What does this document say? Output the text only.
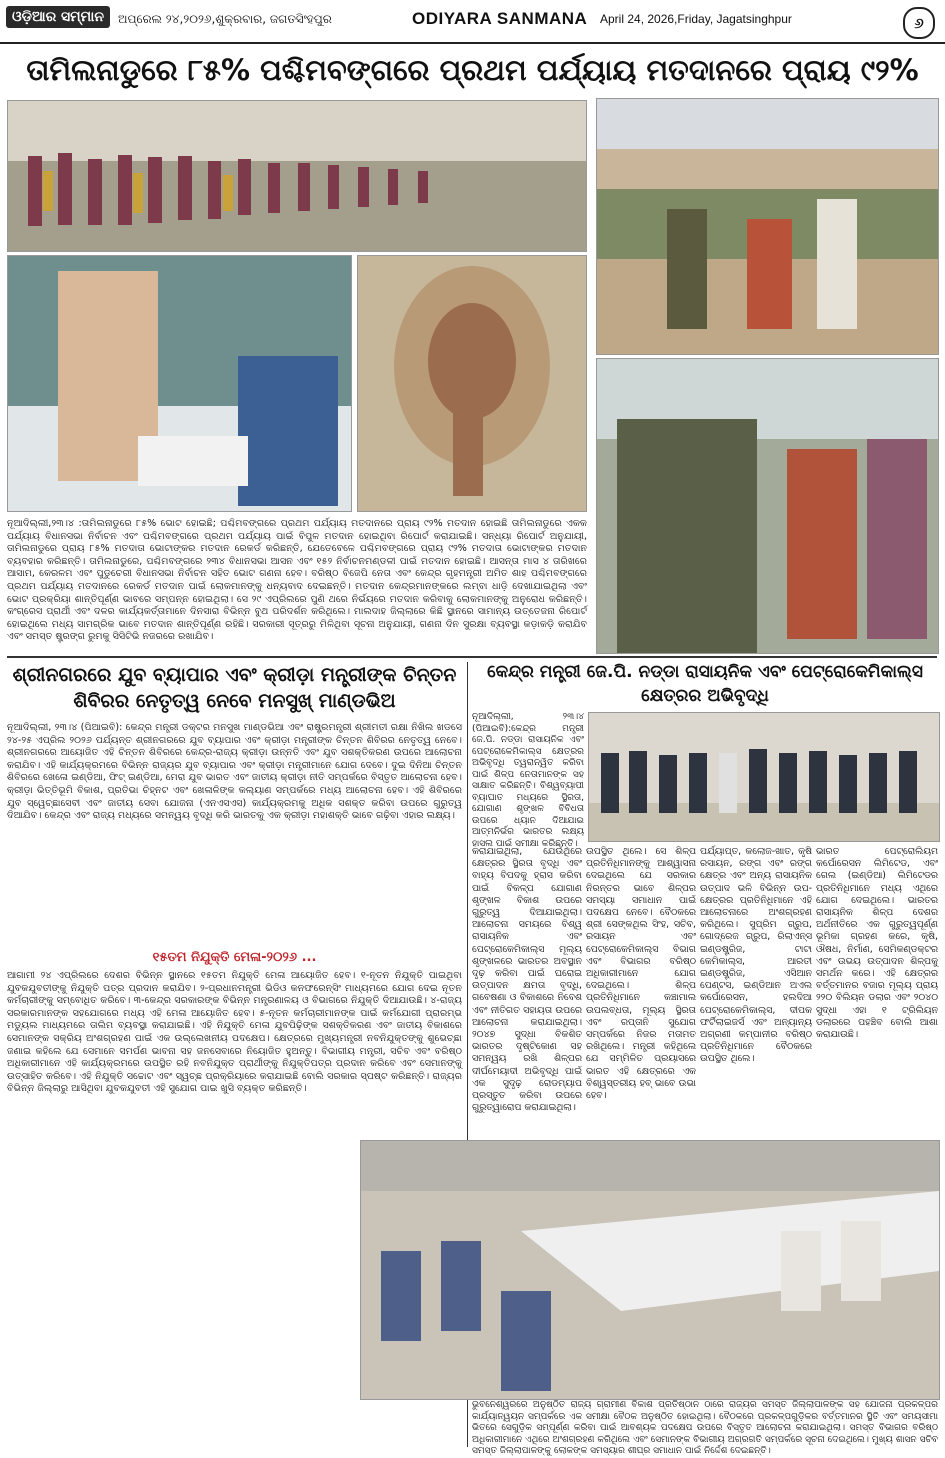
ଓଡ଼ିଆର ସମ୍ମାନ	ଅପ୍ରେଲ ୨୪,୨୦୨୬,ଶୁକ୍ରବାର, ଜଗତସିଂହପୁର	ODIYARA SANMANA April 24, 2026,Friday, Jagatsinghpur	୬
ତାମିଲନାଡୁରେ ୮୫% ପଶ୍ଚିମବଙ୍ଗରେ ପ୍ରଥମ ପର୍ଯ୍ୟାୟ ମତଦାନରେ ପ୍ରାୟ ୯୨%
ନୂଆଦିଲ୍ଲୀ,୨୩।୪ :ତାମିଲନାଡୁରେ ୮୫% ଭୋଟ ହୋଇଛି; ପଶ୍ଚିମବଙ୍ଗରେ ପ୍ରଥମ ପର୍ଯ୍ୟାୟ ମତଦାନରେ ପ୍ରାୟ ୯୨% ମତଦାନ ହୋଇଛି ତାମିଲନାଡୁରେ ଏକକ ପର୍ଯ୍ୟାୟ ବିଧାନସଭା ନିର୍ବାଚନ ଏବଂ ପଶ୍ଚିମବଙ୍ଗରେ ପ୍ରଥମ ପର୍ଯ୍ୟାୟ ପାଇଁ ବିପୁଳ ମତଦାନ ହୋଇଥିବା ରିପୋର୍ଟ କରାଯାଇଛି। ସନ୍ଧ୍ୟା ରିପୋର୍ଟ ଅନୁଯାୟୀ, ତାମିଲନାଡୁରେ ପ୍ରାୟ ୮୫% ମତଦାତା ଭୋଟାଙ୍କର ମତଦାନ ରେକର୍ଡ କରିଛନ୍ତି, ଯେତେବେଳେ ପଶ୍ଚିମବଙ୍ଗରେ ପ୍ରାୟ ୯୨% ମତଦାତା ଭୋଟାଙ୍କର ମତଦାନ ବ୍ୟବହାର କରିଛନ୍ତି। ତାମିଲନାଡୁରେ, ପଶ୍ଚିମବଙ୍ଗରେ ୨୩୪ ବିଧାନସଭା ଆସନ ଏବଂ ୧୫୨ ନିର୍ବାଚନମଣ୍ଡଳୀ ପାଇଁ ମତଦାନ ହୋଇଛି। ଆସନ୍ତା ମାସ ୪ ତାରିଖରେ ଆସାମ, କେରଳମ ଏବଂ ପୁଡୁଚେରୀ ବିଧାନସଭା ନିର୍ବାଚନ ସହିତ ଭୋଟ ଗଣନା ହେବ। ବରିଷ୍ଠ ବିଜେପି ନେତା ଏବଂ କେନ୍ଦ୍ର ଗୃହମନ୍ତ୍ରୀ ଅମିତ ଶାହ ପଶ୍ଚିମବଙ୍ଗରେ ପ୍ରଥମ ପର୍ଯ୍ୟାୟ ମତଦାନରେ ରେକର୍ଡ ମତଦାନ ପାଇଁ ଲୋକମାନଙ୍କୁ ଧନ୍ୟବାଦ ଦେଇଛନ୍ତି। ମତଦାନ କେନ୍ଦ୍ରମାନଙ୍କରେ ଲମ୍ବା ଧାଡ଼ି ଦେଖାଯାଇଥିଲା ଏବଂ ଭୋଟ ପ୍ରକ୍ରିୟା ଶାନ୍ତିପୂର୍ଣ୍ଣ ଭାବରେ ସମ୍ପନ୍ନ ହୋଇଥିଲା। ସେ ୨୯ ଏପ୍ରିଲରେ ପୁଣି ଥରେ ନିର୍ଭୟରେ ମତଦାନ କରିବାକୁ ଲୋକମାନଙ୍କୁ ଅନୁରୋଧ କରିଛନ୍ତି। କଂଗ୍ରେସ ପ୍ରାର୍ଥୀ ଏବଂ ଦଳର କାର୍ଯ୍ୟକର୍ତ୍ତାମାନେ ଦିନସାରା ବିଭିନ୍ନ ବୁଥ ପରିଦର୍ଶନ କରିଥିଲେ। ମାଲଦାହ ଜିଲ୍ଲାରେ କିଛି ସ୍ଥାନରେ ସାମାନ୍ୟ ଉତ୍ତେଜନା ରିପୋର୍ଟ ହୋଇଥିଲେ ମଧ୍ୟ ସାମଗ୍ରିକ ଭାବେ ମତଦାନ ଶାନ୍ତିପୂର୍ଣ୍ଣ ରହିଛି। ସରକାରୀ ସୂତ୍ରରୁ ମିଳିଥିବା ସୂଚନା ଅନୁଯାୟୀ, ଗଣନା ଦିନ ସୁରକ୍ଷା ବ୍ୟବସ୍ଥା କଡ଼ାକଡ଼ି କରାଯିବ ଏବଂ ସମସ୍ତ ଷ୍ଟ୍ରଙ୍ଗ ରୁମକୁ ସିସିଟିଭି ନଜରରେ ରଖାଯିବ।
ଶ୍ରୀନଗରରେ ଯୁବ ବ୍ୟାପାର ଏବଂ କ୍ରୀଡ଼ା ମନ୍ତ୍ରୀଙ୍କ ଚିନ୍ତନ ଶିବିରର ନେତୃତ୍ୱ ନେବେ ମନସୁଖ୍ ମାଣ୍ଡଭିଅ
ନୂଆଦିଲ୍ଲୀ, ୨୩।୪ (ପିଆଇବି): କେନ୍ଦ୍ର ମନ୍ତ୍ରୀ ଡକ୍ଟର ମନସୁଖ ମାଣ୍ଡଭିଆ ଏବଂ ରାଷ୍ଟ୍ରମନ୍ତ୍ରୀ ଶ୍ରୀମତୀ ରକ୍ଷା ନିଖିଲ ଖଡସେ ୨୪-୨୫ ଏପ୍ରିଲ ୨୦୨୬ ପର୍ଯ୍ୟନ୍ତ ଶ୍ରୀନଗରରେ ଯୁବ ବ୍ୟାପାର ଏବଂ କ୍ରୀଡ଼ା ମନ୍ତ୍ରୀଙ୍କ ଚିନ୍ତନ ଶିବିରର ନେତୃତ୍ୱ ନେବେ। ଶ୍ରୀନଗରରେ ଆୟୋଜିତ ଏହି ଚିନ୍ତନ ଶିବିରରେ କେନ୍ଦ୍ର-ରାଜ୍ୟ କ୍ରୀଡ଼ା ଉନ୍ନତି ଏବଂ ଯୁବ ସଶକ୍ତିକରଣ ଉପରେ ଆଲୋଚନା କରାଯିବ। ଏହି କାର୍ଯ୍ୟକ୍ରମରେ ବିଭିନ୍ନ ରାଜ୍ୟର ଯୁବ ବ୍ୟାପାର ଏବଂ କ୍ରୀଡ଼ା ମନ୍ତ୍ରୀମାନେ ଯୋଗ ଦେବେ। ଦୁଇ ଦିନିଆ ଚିନ୍ତନ ଶିବିରରେ ଖେଳୋ ଇଣ୍ଡିଆ, ଫିଟ୍ ଇଣ୍ଡିଆ, ମେରା ଯୁବ ଭାରତ ଏବଂ ଜାତୀୟ କ୍ରୀଡ଼ା ନୀତି ସମ୍ପର୍କରେ ବିସ୍ତୃତ ଆଲୋଚନା ହେବ। କ୍ରୀଡ଼ା ଭିତ୍ତିଭୂମି ବିକାଶ, ପ୍ରତିଭା ଚିହ୍ନଟ ଏବଂ ଖେଳାଳିଙ୍କ କଲ୍ୟାଣ ସମ୍ପର୍କରେ ମଧ୍ୟ ଆଲୋଚନା ହେବ। ଏହି ଶିବିରରେ ଯୁବ ସ୍ୱେଚ୍ଛାସେବୀ ଏବଂ ଜାତୀୟ ସେବା ଯୋଜନା (ଏନଏସଏସ) କାର୍ଯ୍ୟକ୍ରମକୁ ଅଧିକ ସଶକ୍ତ କରିବା ଉପରେ ଗୁରୁତ୍ୱ ଦିଆଯିବ। କେନ୍ଦ୍ର ଏବଂ ରାଜ୍ୟ ମଧ୍ୟରେ ସମନ୍ୱୟ ବୃଦ୍ଧି କରି ଭାରତକୁ ଏକ କ୍ରୀଡ଼ା ମହାଶକ୍ତି ଭାବେ ଗଢ଼ିବା ଏହାର ଲକ୍ଷ୍ୟ।
୧୫ତମ ନିଯୁକ୍ତି ମେଳା-୨୦୨୬ ...
ଆଗାମୀ ୨୪ ଏପ୍ରିଲରେ ଦେଶର ବିଭିନ୍ନ ସ୍ଥାନରେ ୧୫ତମ ନିଯୁକ୍ତି ମେଳା ଆୟୋଜିତ ହେବ। ୧-ନୂତନ ନିଯୁକ୍ତି ପାଇଥିବା ଯୁବକଯୁବତୀଙ୍କୁ ନିଯୁକ୍ତି ପତ୍ର ପ୍ରଦାନ କରାଯିବ। ୨-ପ୍ରଧାନମନ୍ତ୍ରୀ ଭିଡିଓ କନଫରେନ୍ସିଂ ମାଧ୍ୟମରେ ଯୋଗ ଦେଇ ନୂତନ କର୍ମଚାରୀଙ୍କୁ ସମ୍ବୋଧିତ କରିବେ। ୩-କେନ୍ଦ୍ର ସରକାରଙ୍କ ବିଭିନ୍ନ ମନ୍ତ୍ରଣାଳୟ ଓ ବିଭାଗରେ ନିଯୁକ୍ତି ଦିଆଯାଉଛି। ୪-ରାଜ୍ୟ ସରକାରମାନଙ୍କ ସହଯୋଗରେ ମଧ୍ୟ ଏହି ମେଳା ଆୟୋଜିତ ହେବ। ୫-ନୂତନ କର୍ମଚାରୀମାନଙ୍କ ପାଇଁ କର୍ମଯୋଗୀ ପ୍ରାରମ୍ଭ ମଡ୍ୟୁଲ ମାଧ୍ୟମରେ ତାଲିମ ବ୍ୟବସ୍ଥା କରାଯାଇଛି। ଏହି ନିଯୁକ୍ତି ମେଳା ଯୁବପିଢ଼ିଙ୍କ ସଶକ୍ତିକରଣ ଏବଂ ଜାତୀୟ ବିକାଶରେ ସେମାନଙ୍କ ସକ୍ରିୟ ଅଂଶଗ୍ରହଣ ପାଇଁ ଏକ ଉଲ୍ଲେଖନୀୟ ପଦକ୍ଷେପ। କ୍ଷେତ୍ରରେ ମୁଖ୍ୟମନ୍ତ୍ରୀ ନବନିଯୁକ୍ତଙ୍କୁ ଶୁଭେଚ୍ଛା ଜଣାଇ କହିଲେ ଯେ ସେମାନେ ସମର୍ପଣ ଭାବନା ସହ ଜନସେବାରେ ନିୟୋଜିତ ହୁଅନ୍ତୁ। ବିଭାଗୀୟ ମନ୍ତ୍ରୀ, ସଚିବ ଏବଂ ବରିଷ୍ଠ ଅଧିକାରୀମାନେ ଏହି କାର୍ଯ୍ୟକ୍ରମରେ ଉପସ୍ଥିତ ରହି ନବନିଯୁକ୍ତ ପ୍ରାର୍ଥୀଙ୍କୁ ନିଯୁକ୍ତିପତ୍ର ପ୍ରଦାନ କରିବେ ଏବଂ ସେମାନଙ୍କୁ ଉତ୍ସାହିତ କରିବେ। ଏହି ନିଯୁକ୍ତି ସଚ୍ଚୋଟ ଏବଂ ସ୍ୱଚ୍ଛ ପ୍ରକ୍ରିୟାରେ କରାଯାଇଛି ବୋଲି ସରକାର ସ୍ପଷ୍ଟ କରିଛନ୍ତି। ରାଜ୍ୟର ବିଭିନ୍ନ ଜିଲ୍ଲାରୁ ଆସିଥିବା ଯୁବକଯୁବତୀ ଏହି ସୁଯୋଗ ପାଇ ଖୁସି ବ୍ୟକ୍ତ କରିଛନ୍ତି।
କେନ୍ଦ୍ର ମନ୍ତ୍ରୀ ଜେ.ପି. ନଡ୍ଡା ରାସାୟନିକ ଏବଂ ପେଟ୍ରୋକେମିକାଲ୍ସ କ୍ଷେତ୍ରର ଅଭିବୃଦ୍ଧି
ନୂଆଦିଲ୍ଲୀ, ୨୩।୪ (ପିଆଇବି):କେନ୍ଦ୍ର ମନ୍ତ୍ରୀ ଜେ.ପି. ନଡ୍ଡା ରାସାୟନିକ ଏବଂ ପେଟ୍ରୋକେମିକାଲ୍ସ କ୍ଷେତ୍ରର ଅଭିବୃଦ୍ଧି ତ୍ୱରାନ୍ୱିତ କରିବା ପାଇଁ ଶିଳ୍ପ ନେତାମାନଙ୍କ ସହ ସାକ୍ଷାତ କରିଛନ୍ତି। ବିଶ୍ୱବ୍ୟାପୀ ବ୍ୟାଘାତ ମଧ୍ୟରେ ସ୍ଥିରତା, ଯୋଗାଣ ଶୃଙ୍ଖଳ ବିବିଧତା ଉପରେ ଧ୍ୟାନ ଦିଆଯାଇ ଆତ୍ମନିର୍ଭର ଭାରତର ଲକ୍ଷ୍ୟ ହାସଲ ପାଇଁ ସମୀକ୍ଷା କରିଛନ୍ତି।
କରାଯାଇଥିଲା, ଯେଉଁଥିରେ କ୍ଷେତ୍ରର ସ୍ଥିରତା ବୃଦ୍ଧି ଏବଂ ବାହ୍ୟ ବିପଦକୁ ହ୍ରାସ କରିବା ପାଇଁ ବିକଳ୍ପ ଯୋଗାଣ ଶୃଙ୍ଖଳ ବିକାଶ ଉପରେ ଗୁରୁତ୍ୱ ଦିଆଯାଇଥିଲା। ଆଲୋଚନା ସମୟରେ ବିଶ୍ୱ ରାସାୟନିକ ଏବଂ ପେଟ୍ରୋକେମିକାଲ୍ସ ମୂଲ୍ୟ ଶୃଙ୍ଖଳରେ ଭାରତର ଅବସ୍ଥାନ ଦୃଢ଼ କରିବା ପାଇଁ ଘରୋଇ ଉତ୍ପାଦନ କ୍ଷମତା ବୃଦ୍ଧି, ଗବେଷଣା ଓ ବିକାଶରେ ନିବେଶ ଏବଂ ନୀତିଗତ ସହାୟତା ଉପରେ ଆଲୋଚନା କରାଯାଇଥିଲା। ୨୦୪୭ ସୁଦ୍ଧା ବିକଶିତ ଭାରତର ଦୃଷ୍ଟିକୋଣ ସହ ସମନ୍ୱୟ ରଖି ଶିଳ୍ପର ଦୀର୍ଘମେୟାଦୀ ଅଭିବୃଦ୍ଧି ପାଇଁ ଏକ ସୁଦୃଢ଼ ରୋଡମ୍ୟାପ ପ୍ରସ୍ତୁତ କରିବା ଉପରେ ଗୁରୁତ୍ୱାରୋପ କରାଯାଇଥିଲା।
ଉପସ୍ଥିତ ଥିଲେ। ସେ ଶିଳ୍ପ ପ୍ରତିନିଧିମାନଙ୍କୁ ଆଶ୍ୱାସନା ଦେଇଥିଲେ ଯେ ସରକାର ନିରନ୍ତର ଭାବେ ଶିଳ୍ପର ସମସ୍ୟା ସମାଧାନ ପାଇଁ ପଦକ୍ଷେପ ନେବେ। ବୈଠକରେ ଶ୍ରୀ ସେଙ୍କଥିଲ ସିଂହ, ସଚିବ, ରସାୟନ ଏବଂ ପେଟ୍ରୋକେମିକାଲ୍ସ ବିଭାଗ ଏବଂ ବିଭାଗର ବରିଷ୍ଠ ଅଧିକାରୀମାନେ ଯୋଗ ଦେଇଥିଲେ। ଶିଳ୍ପ ପ୍ରତିନିଧିମାନେ କଞ୍ଚାମାଲ ଉପଲବ୍ଧତା, ମୂଲ୍ୟ ସ୍ଥିରତା ଏବଂ ରପ୍ତାନି ସୁଯୋଗ ସମ୍ପର୍କରେ ନିଜର ମତାମତ ରଖିଥିଲେ। ମନ୍ତ୍ରୀ କହିଥିଲେ ଯେ ସମ୍ମିଳିତ ପ୍ରୟାସରେ ଭାରତ ଏହି କ୍ଷେତ୍ରରେ ଏକ ବିଶ୍ୱସ୍ତରୀୟ ହବ୍ ଭାବେ ଉଭା ହେବ।
ପର୍ଯ୍ୟାପ୍ତ, କଲୋଜ-ଖାତ, କୃଷି ରସାୟନ, ରଙ୍ଗ ଏବଂ ରଙ୍ଗ କ୍ଷେତ୍ର ଏବଂ ଅନ୍ୟ ରାସାୟନିକ ଉତ୍ପାଦ ଭଳି ବିଭିନ୍ନ ଉପ-କ୍ଷେତ୍ରର ପ୍ରତିନିଧିମାନେ ଏହି ଆଲୋଚନାରେ ଅଂଶଗ୍ରହଣ କରିଥିଲେ। ସୁପ୍ରିମ ଗ୍ରୁପ, ଗୋଦ୍ରେଜ ଗ୍ରୁପ, ରିଲାଏନ୍ସ ଇଣ୍ଡଷ୍ଟ୍ରିଜ, ଟାଟା କେମିକାଲ୍ସ, ଆରତୀ ଇଣ୍ଡଷ୍ଟ୍ରିଜ, ଏସିଆନ ପେଣ୍ଟସ, ଇଣ୍ଡିଆନ ଅଏଲ କର୍ପୋରେସନ, ହଲଦିଆ ପେଟ୍ରୋକେମିକାଲ୍ସ, ଦୀପକ ଫର୍ଟିଲାଇଜର୍ସ ଏବଂ ଅନ୍ୟାନ୍ୟ ଅଗ୍ରଣୀ କମ୍ପାନୀର ବରିଷ୍ଠ ପ୍ରତିନିଧିମାନେ ବୈଠକରେ ଉପସ୍ଥିତ ଥିଲେ।
ଭାରତ ପେଟ୍ରୋଲିୟମ କର୍ପୋରେସନ ଲିମିଟେଡ, ଏବଂ ଗେଲ (ଇଣ୍ଡିଆ) ଲିମିଟେଡର ପ୍ରତିନିଧିମାନେ ମଧ୍ୟ ଏଥିରେ ଯୋଗ ଦେଇଥିଲେ। ଭାରତର ରାସାୟନିକ ଶିଳ୍ପ ଦେଶର ଅର୍ଥନୀତିରେ ଏକ ଗୁରୁତ୍ୱପୂର୍ଣ୍ଣ ଭୂମିକା ଗ୍ରହଣ କରେ, କୃଷି, ଔଷଧ, ନିର୍ମାଣ, ସେମିକଣ୍ଡକ୍ଟର ଏବଂ ଉଭୟ ଉତ୍ପାଦନ ଶିଳ୍ପକୁ ସମର୍ଥନ କରେ। ଏହି କ୍ଷେତ୍ରର ବର୍ତ୍ତମାନର ବଜାର ମୂଲ୍ୟ ପ୍ରାୟ ୨୨୦ ବିଲିୟନ ଡଲାର ଏବଂ ୨୦୪୦ ସୁଦ୍ଧା ଏହା ୧ ଟ୍ରିଲିୟନ ଡଲାରରେ ପହଞ୍ଚିବ ବୋଲି ଆଶା କରାଯାଉଛି।
ଭୁବନେଶ୍ୱରରେ ଅନୁଷ୍ଠିତ ରାଜ୍ୟ ଗ୍ରାମୀଣ ବିକାଶ ପ୍ରତିଷ୍ଠାନ ଠାରେ ରାଜ୍ୟର ସମସ୍ତ ଜିଲ୍ଲାପାଳଙ୍କ ସହ ଯୋଜନା ପ୍ରକଳ୍ପର କାର୍ଯ୍ୟାନ୍ୱୟନ ସମ୍ପର୍କରେ ଏକ ସମୀକ୍ଷା ବୈଠକ ଅନୁଷ୍ଠିତ ହୋଇଥିଲା। ବୈଠକରେ ପ୍ରକଳ୍ପଗୁଡ଼ିକର ବର୍ତ୍ତମାନର ସ୍ଥିତି ଏବଂ ସମୟସୀମା ଭିତରେ ସେଗୁଡ଼ିକ ସମ୍ପୂର୍ଣ୍ଣ କରିବା ପାଇଁ ଆବଶ୍ୟକ ପଦକ୍ଷେପ ଉପରେ ବିସ୍ତୃତ ଆଲୋଚନା କରାଯାଇଥିଲା। ସମସ୍ତ ବିଭାଗର ବରିଷ୍ଠ ଅଧିକାରୀମାନେ ଏଥିରେ ଅଂଶଗ୍ରହଣ କରିଥିଲେ ଏବଂ ସେମାନଙ୍କ ବିଭାଗୀୟ ଅଗ୍ରଗତି ସମ୍ପର୍କରେ ସୂଚନା ଦେଇଥିଲେ। ମୁଖ୍ୟ ଶାସନ ସଚିବ ସମସ୍ତ ଜିଲ୍ଲାପାଳଙ୍କୁ ଲୋକଙ୍କ ସମସ୍ୟାର ଶୀଘ୍ର ସମାଧାନ ପାଇଁ ନିର୍ଦ୍ଦେଶ ଦେଇଛନ୍ତି।
